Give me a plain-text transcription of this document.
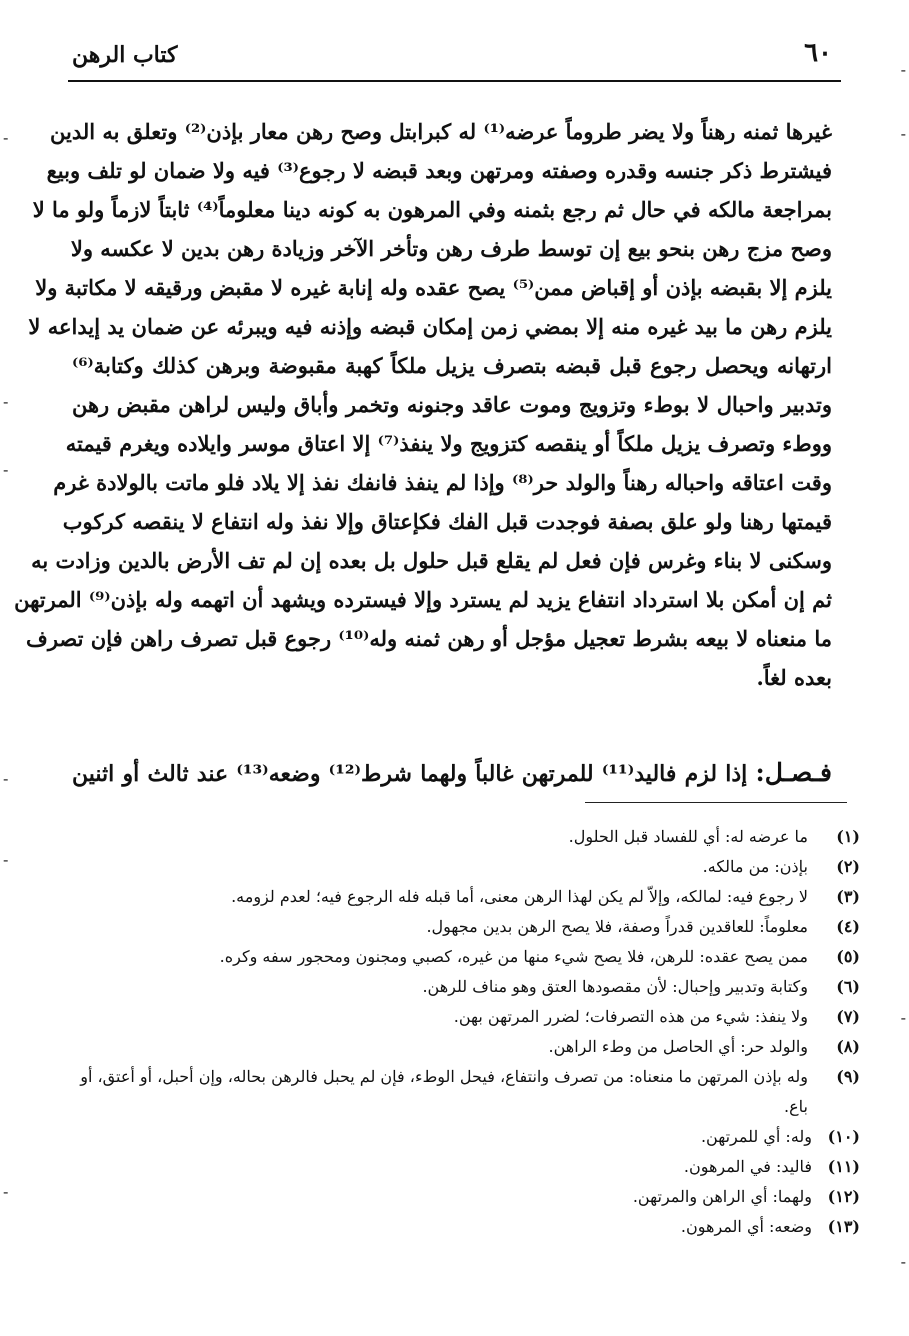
-
-	-
-
-
-
-
-
-
-
٦٠
كتاب الرهن
غيرها ثمنه رهناً ولا يضر طروماً عرضه⁽¹⁾ له كبرابتل وصح رهن معار بإذن⁽²⁾ وتعلق به الدين
فيشترط ذكر جنسه وقدره وصفته ومرتهن وبعد قبضه لا رجوع⁽³⁾ فيه ولا ضمان لو تلف وبيع
بمراجعة مالكه في حال ثم رجع بثمنه وفي المرهون به كونه دينا معلوماً⁽⁴⁾ ثابتاً لازماً ولو ما لا
وصح مزج رهن بنحو بيع إن توسط طرف رهن وتأخر الآخر وزيادة رهن بدين لا عكسه ولا
يلزم إلا بقبضه بإذن أو إقباض ممن⁽⁵⁾ يصح عقده وله إنابة غيره لا مقبض ورقيقه لا مكاتبة ولا
يلزم رهن ما بيد غيره منه إلا بمضي زمن إمكان قبضه وإذنه فيه ويبرئه عن ضمان يد إيداعه لا
ارتهانه ويحصل رجوع قبل قبضه بتصرف يزيل ملكاً كهبة مقبوضة وبرهن كذلك وكتابة⁽⁶⁾
وتدبير واحبال لا بوطء وتزويج وموت عاقد وجنونه وتخمر وأباق وليس لراهن مقبض رهن
ووطء وتصرف يزيل ملكاً أو ينقصه كتزويج ولا ينفذ⁽⁷⁾ إلا اعتاق موسر وايلاده ويغرم قيمته
وقت اعتاقه واحباله رهناً والولد حر⁽⁸⁾ وإذا لم ينفذ فانفك نفذ إلا يلاد فلو ماتت بالولادة غرم
قيمتها رهنا ولو علق بصفة فوجدت قبل الفك فكإعتاق وإلا نفذ وله انتفاع لا ينقصه كركوب
وسكنى لا بناء وغرس فإن فعل لم يقلع قبل حلول بل بعده إن لم تف الأرض بالدين وزادت به
ثم إن أمكن بلا استرداد انتفاع يزيد لم يسترد وإلا فيسترده ويشهد أن اتهمه وله بإذن⁽⁹⁾ المرتهن
ما منعناه لا بيعه بشرط تعجيل مؤجل أو رهن ثمنه وله⁽¹⁰⁾ رجوع قبل تصرف راهن فإن تصرف
بعده لغاً.
فـصـل: إذا لزم فاليد⁽¹¹⁾ للمرتهن غالباً ولهما شرط⁽¹²⁾ وضعه⁽¹³⁾ عند ثالث أو اثنين
(١)
ما عرضه له: أي للفساد قبل الحلول.
(٢)
بإذن: من مالكه.
(٣)
لا رجوع فيه: لمالكه، وإلاّ لم يكن لهذا الرهن معنى، أما قبله فله الرجوع فيه؛ لعدم لزومه.
(٤)
معلوماً: للعاقدين قدراً وصفة، فلا يصح الرهن بدين مجهول.
(٥)
ممن يصح عقده: للرهن، فلا يصح شيء منها من غيره، كصبي ومجنون ومحجور سفه وكره.
(٦)
وكتابة وتدبير وإحبال: لأن مقصودها العتق وهو مناف للرهن.
(٧)
ولا ينفذ: شيء من هذه التصرفات؛ لضرر المرتهن بهن.
(٨)
والولد حر: أي الحاصل من وطء الراهن.
(٩)
وله بإذن المرتهن ما منعناه: من تصرف وانتفاع، فيحل الوطء، فإن لم يحبل فالرهن بحاله، وإن أحبل، أو أعتق، أو باع.
(١٠)
وله: أي للمرتهن.
(١١)
فاليد: في المرهون.
(١٢)
ولهما: أي الراهن والمرتهن.
(١٣)
وضعه: أي المرهون.
